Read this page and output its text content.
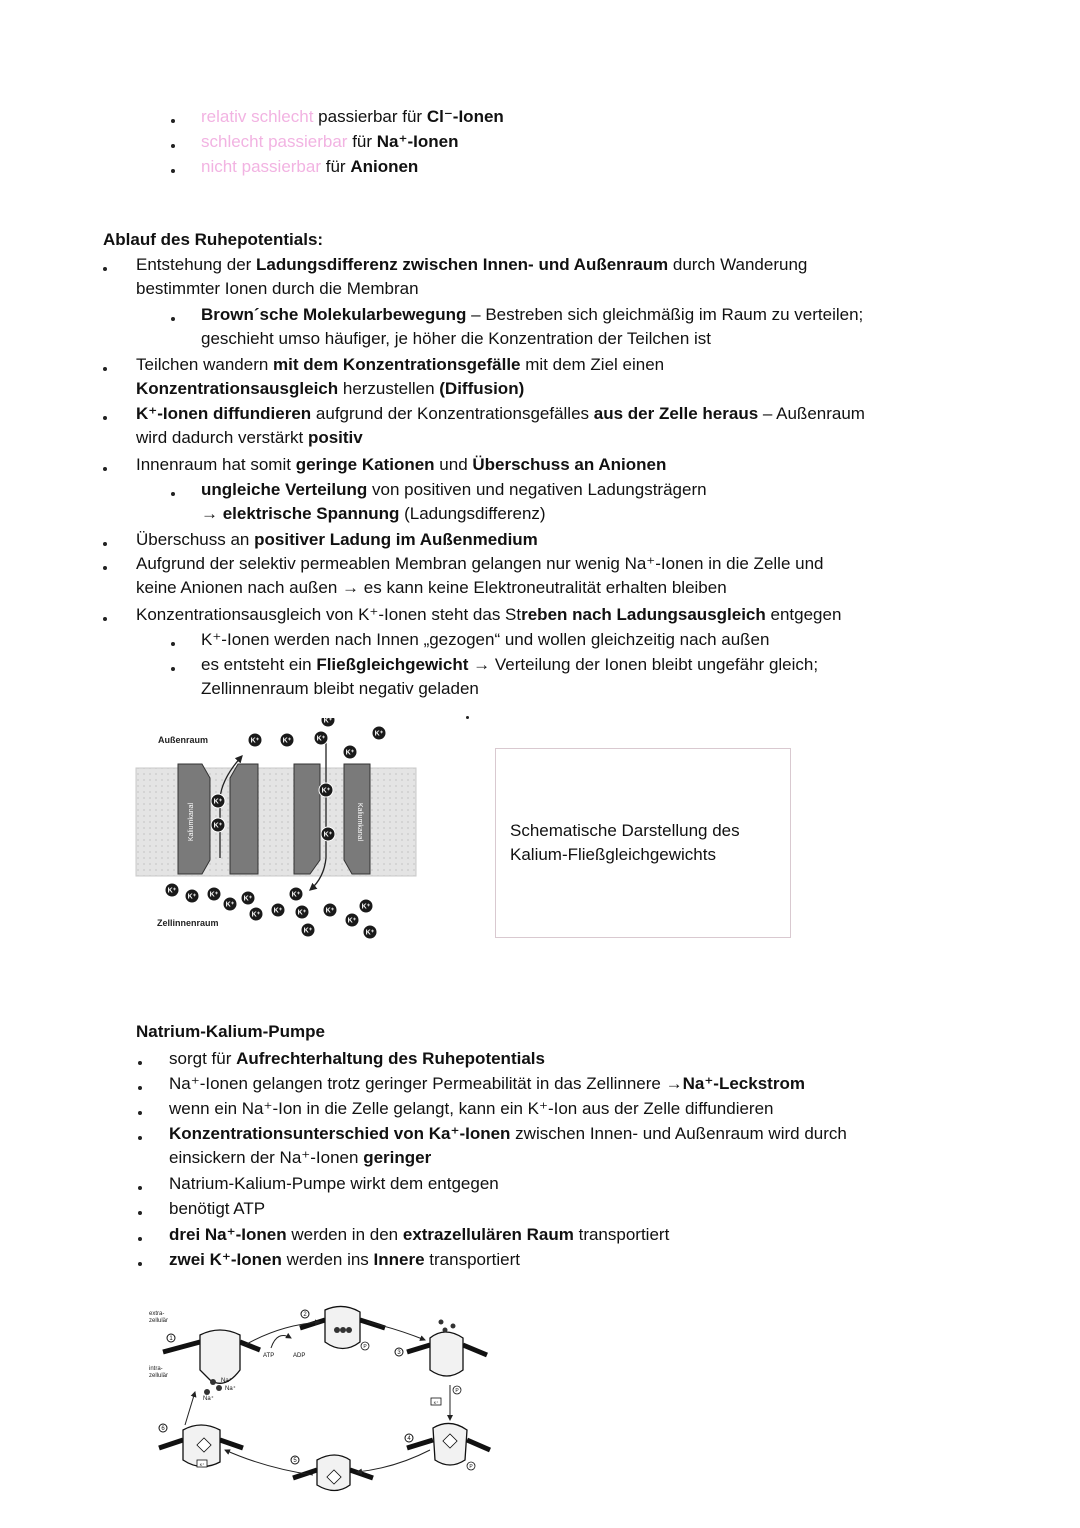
relativ schlecht passierbar für Cl⁻-Ionen
schlecht passierbar für Na⁺-Ionen
nicht passierbar für Anionen
Ablauf des Ruhepotentials:
Entstehung der Ladungsdifferenz zwischen Innen- und Außenraum durch Wanderung
bestimmter Ionen durch die Membran
Brown´sche Molekularbewegung – Bestreben sich gleichmäßig im Raum zu verteilen;
geschieht umso häufiger, je höher die Konzentration der Teilchen ist
Teilchen wandern mit dem Konzentrationsgefälle mit dem Ziel einen
Konzentrationsausgleich herzustellen (Diffusion)
K⁺-Ionen diffundieren aufgrund der Konzentrationsgefälles aus der Zelle heraus – Außenraum
wird dadurch verstärkt positiv
Innenraum hat somit geringe Kationen und Überschuss an Anionen
ungleiche Verteilung von positiven und negativen Ladungsträgern
→ elektrische Spannung (Ladungsdifferenz)
Überschuss an positiver Ladung im Außenmedium
Aufgrund der selektiv permeablen Membran gelangen nur wenig Na⁺-Ionen in die Zelle und
keine Anionen nach außen → es kann keine Elektroneutralität erhalten bleiben
Konzentrationsausgleich von K⁺-Ionen steht das Streben nach Ladungsausgleich entgegen
K⁺-Ionen werden nach Innen „gezogen“ und wollen gleichzeitig nach außen
es entsteht ein Fließgleichgewicht → Verteilung der Ionen bleibt ungefähr gleich;
Zellinnenraum bleibt negativ geladen
Kaliumkanal	Kaliumkanal
Außenraum
Zellinnenraum
K⁺	K⁺	K⁺
K⁺
K⁺
K⁺
K⁺
K⁺
K⁺
K⁺
K⁺
K⁺ K⁺
K⁺
K⁺
K⁺
K⁺
K⁺
K⁺
K⁺
K⁺
K⁺
K⁺
K⁺
Schematische Darstellung des
Kalium-Fließgleichgewichts
Natrium-Kalium-Pumpe
sorgt für Aufrechterhaltung des Ruhepotentials
Na⁺-Ionen gelangen trotz geringer Permeabilität in das Zellinnere →Na⁺-Leckstrom
wenn ein Na⁺-Ion in die Zelle gelangt, kann ein K⁺-Ion aus der Zelle diffundieren
Konzentrationsunterschied von Ka⁺-Ionen zwischen Innen- und Außenraum wird durch
einsickern der Na⁺-Ionen geringer
Natrium-Kalium-Pumpe wirkt dem entgegen
benötigt ATP
drei Na⁺-Ionen werden in den extrazellulären Raum transportiert
zwei K⁺-Ionen werden ins Innere transportiert
extra-
zellulär
intra-
zellulär
1
2
3
4
5
6
ATP	ADP
Na⁺
Na⁺
Na⁺
P
P
P
K⁺
K⁺
